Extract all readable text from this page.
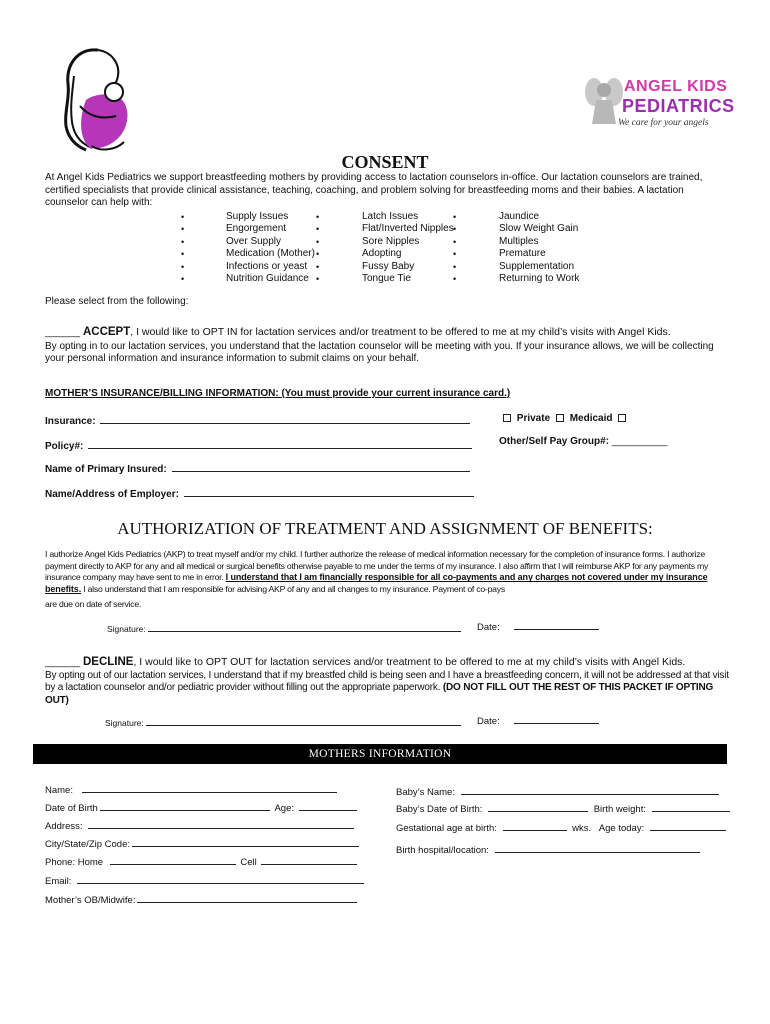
ANGEL KIDS
PEDIATRICS
We care for your angels
CONSENT
At Angel Kids Pediatrics we support breastfeeding mothers by providing access to lactation counselors in-office. Our lactation counselors are trained, certified specialists that provide clinical assistance, teaching, coaching, and problem solving for breastfeeding moms and their babies. A lactation counselor can help with:
•
•
•
•
•
•
Supply Issues
Engorgement
Over Supply
Medication (Mother)
Infections or yeast
Nutrition Guidance
•
•
•
•
•
•
Latch Issues
Flat/Inverted Nipples
Sore Nipples
Adopting
Fussy Baby
Tongue Tie
•
•
•
•
•
•
Jaundice
Slow Weight Gain
Multiples
Premature
Supplementation
Returning to Work
Please select from the following:
______ ACCEPT, I would like to OPT IN for lactation services and/or treatment to be offered to me at my child’s visits with Angel Kids.
By opting in to our lactation services, you understand that the lactation counselor will be meeting with you. If your insurance allows, we will be collecting your personal information and insurance information to submit claims on your behalf.
MOTHER’S INSURANCE/BILLING INFORMATION: (You must provide your current insurance card.)
Insurance:	Private Medicaid
Policy#:	Other/Self Pay Group#: __________
Name of Primary Insured:
Name/Address of Employer:
AUTHORIZATION OF TREATMENT AND ASSIGNMENT OF BENEFITS:
I authorize Angel Kids Pediatrics (AKP) to treat myself and/or my child. I further authorize the release of medical information necessary for the completion of insurance forms. I authorize payment directly to AKP for any and all medical or surgical benefits otherwise payable to me under the terms of my insurance. I also affirm that I will reimburse AKP for any payments my insurance company may have sent to me in error. I understand that I am financially responsible for all co-payments and any charges not covered under my insurance benefits. I also understand that I am responsible for advising AKP of any and all changes to my insurance. Payment of co-pays
are due on date of service.
Signature:	Date:
______ DECLINE, I would like to OPT OUT for lactation services and/or treatment to be offered to me at my child’s visits with Angel Kids.
By opting out of our lactation services, I understand that if my breastfed child is being seen and I have a breastfeeding concern, it will not be addressed at that visit by a lactation counselor and/or pediatric provider without filling out the appropriate paperwork. (DO NOT FILL OUT THE REST OF THIS PACKET IF OPTING OUT)
Signature:	Date:
MOTHERS INFORMATION
Name:
Date of Birth	Age:
Address:
City/State/Zip Code:
Phone: Home	Cell
Email:
Mother’s OB/Midwife:
Baby’s Name:
Baby’s Date of Birth:	Birth weight:
Gestational age at birth:	wks. Age today:
Birth hospital/location:
